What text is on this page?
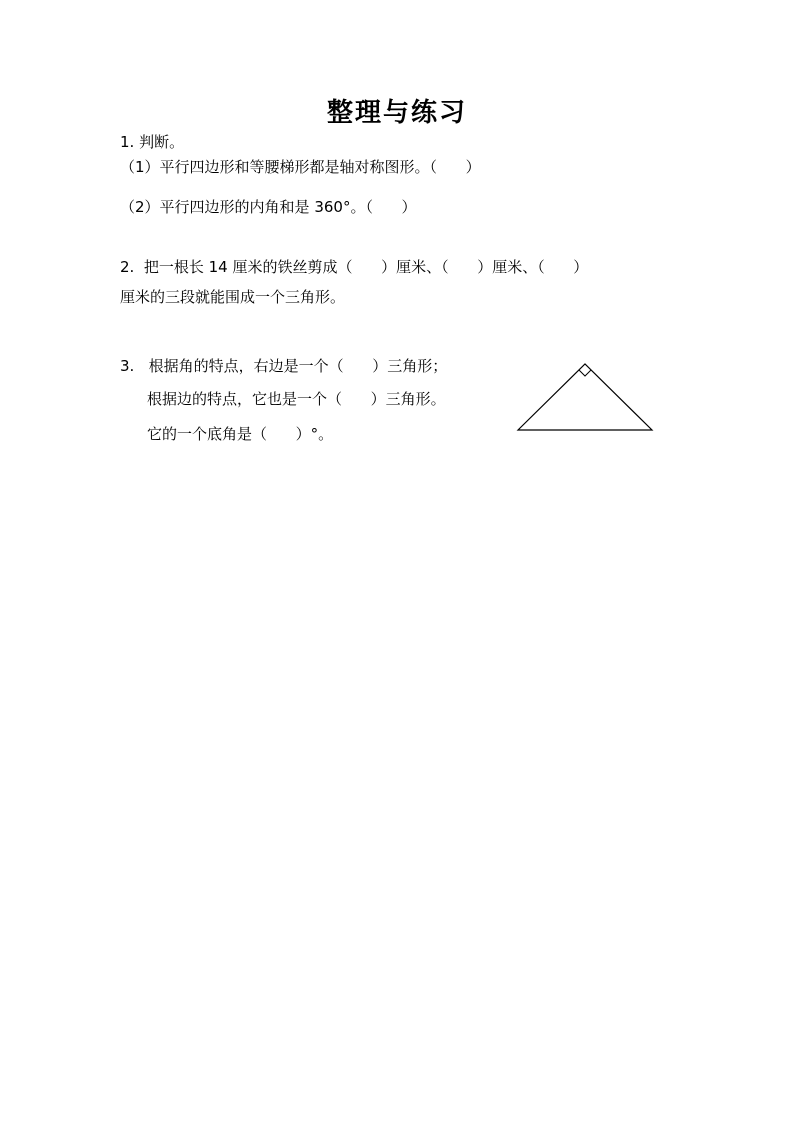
整理与练习
1. 判断。
（1）平行四边形和等腰梯形都是轴对称图形。（      ）
（2）平行四边形的内角和是 360°。（      ）
2.  把一根长 14 厘米的铁丝剪成（      ）厘米、（      ）厘米、（      ）
厘米的三段就能围成一个三角形。
3.   根据角的特点，右边是一个（      ）三角形；
根据边的特点，它也是一个（      ）三角形。
它的一个底角是（      ）°。
